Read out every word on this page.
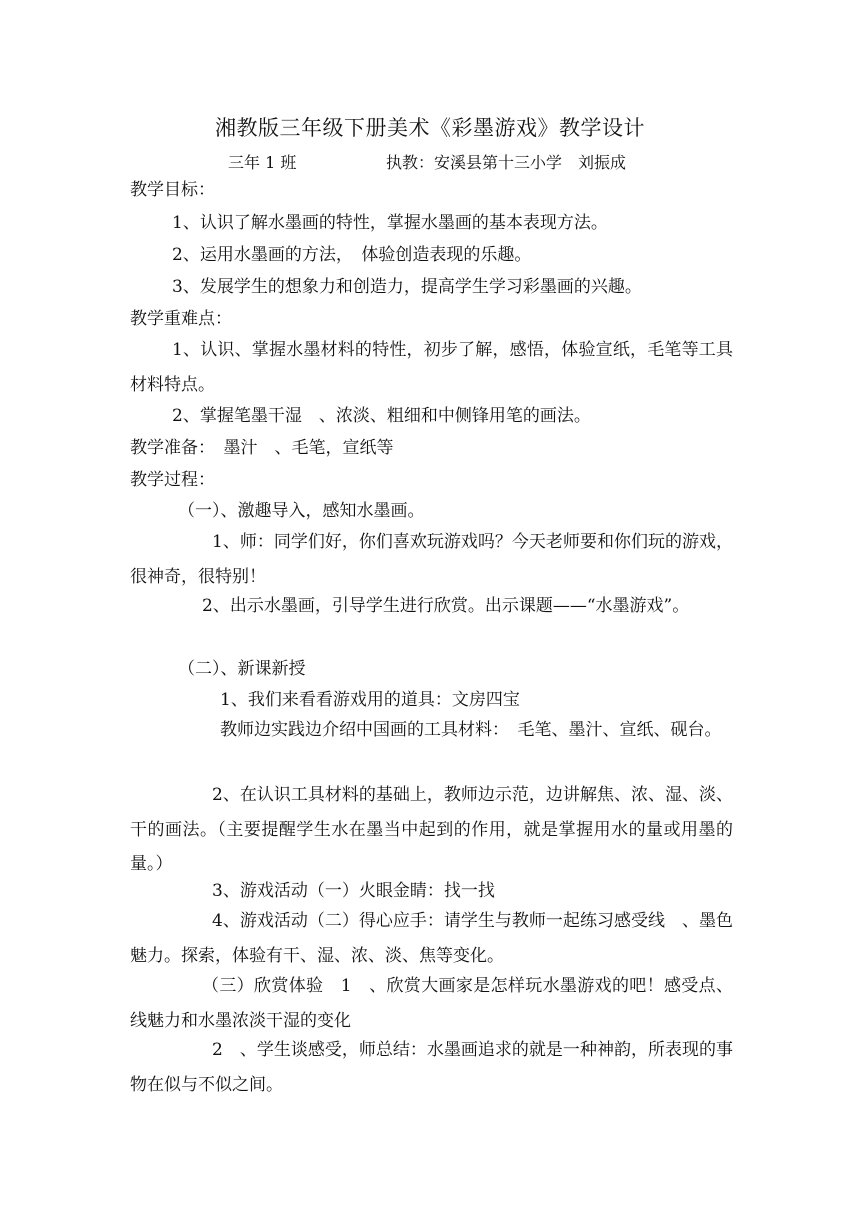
湘教版三年级下册美术《彩墨游戏》教学设计
三年 1 班	执教：安溪县第十三小学　刘振成
教学目标：
1、认识了解水墨画的特性，掌握水墨画的基本表现方法。
2、运用水墨画的方法，　体验创造表现的乐趣。
3、发展学生的想象力和创造力，提高学生学习彩墨画的兴趣。
教学重难点：
1、认识、掌握水墨材料的特性，初步了解，感悟，体验宣纸，毛笔等工具材料特点。
2、掌握笔墨干湿　、浓淡、粗细和中侧锋用笔的画法。
教学准备：　墨汁　、毛笔，宣纸等
教学过程：
（一）、激趣导入，感知水墨画。
1、师：同学们好，你们喜欢玩游戏吗？今天老师要和你们玩的游戏，很神奇，很特别！
2、出示水墨画，引导学生进行欣赏。出示课题——“水墨游戏”。
（二）、新课新授
1、我们来看看游戏用的道具：文房四宝
教师边实践边介绍中国画的工具材料：　毛笔、墨汁、宣纸、砚台。
2、在认识工具材料的基础上，教师边示范，边讲解焦、浓、湿、淡、干的画法。（主要提醒学生水在墨当中起到的作用，就是掌握用水的量或用墨的量。）
3、游戏活动（一）火眼金睛：找一找
4、游戏活动（二）得心应手：请学生与教师一起练习感受线　、墨色魅力。探索，体验有干、湿、浓、淡、焦等变化。
（三）欣赏体验　1　、欣赏大画家是怎样玩水墨游戏的吧！感受点、线魅力和水墨浓淡干湿的变化
2　、学生谈感受，师总结：水墨画追求的就是一种神韵，所表现的事物在似与不似之间。
